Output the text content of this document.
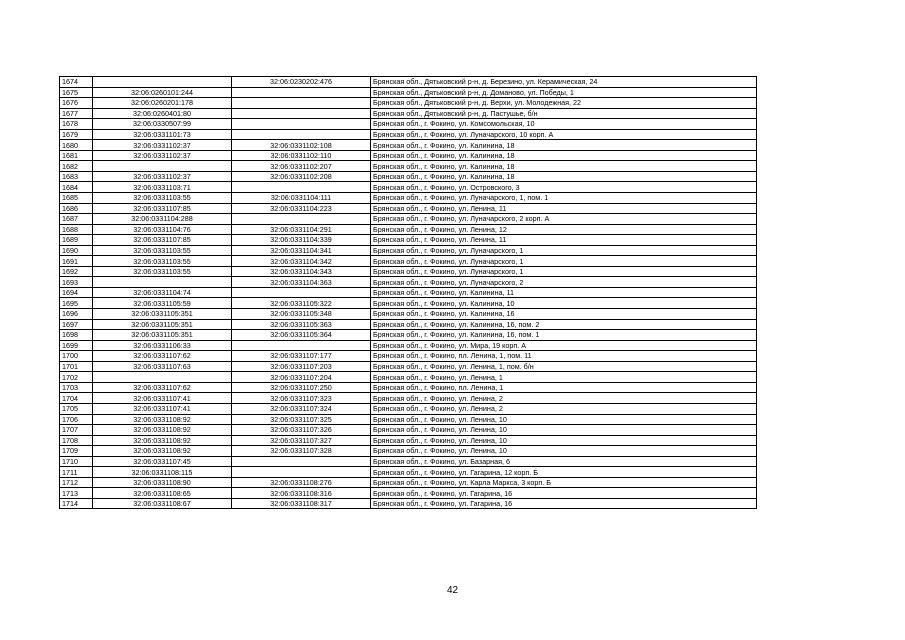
1674		32:06:0230202:476	Брянская обл., Дятьковский р-н, д. Березино, ул. Керамическая, 24
1675	32:06:0260101:244		Брянская обл., Дятьковский р-н, д. Доманово, ул. Победы, 1
1676	32:06:0260201:178		Брянская обл., Дятьковский р-н, д. Верхи, ул. Молодежная, 22
1677	32:06:0260401:80		Брянская обл., Дятьковский р-н, д. Пастушье, б/н
1678	32:06:0330507:99		Брянская обл., г. Фокино, ул. Комсомольская, 10
1679	32:06:0331101:73		Брянская обл., г. Фокино, ул. Луначарского, 10 корп. А
1680	32:06:0331102:37	32:06:0331102:108	Брянская обл., г. Фокино, ул. Калинина, 18
1681	32:06:0331102:37	32:06:0331102:110	Брянская обл., г. Фокино, ул. Калинина, 18
1682		32:06:0331102:207	Брянская обл., г. Фокино, ул. Калинина, 18
1683	32:06:0331102:37	32:06:0331102:208	Брянская обл., г. Фокино, ул. Калинина, 18
1684	32:06:0331103:71		Брянская обл., г. Фокино, ул. Островского, 3
1685	32:06:0331103:55	32:06:0331104:111	Брянская обл., г. Фокино, ул. Луначарского, 1, пом. 1
1686	32:06:0331107:85	32:06:0331104:223	Брянская обл., г. Фокино, ул. Ленина, 11
1687	32:06:0331104:288		Брянская обл., г. Фокино, ул. Луначарского, 2 корп. А
1688	32:06:0331104:76	32:06:0331104:291	Брянская обл., г. Фокино, ул. Ленина, 12
1689	32:06:0331107:85	32:06:0331104:339	Брянская обл., г. Фокино, ул. Ленина, 11
1690	32:06:0331103:55	32:06:0331104:341	Брянская обл., г. Фокино, ул. Луначарского, 1
1691	32:06:0331103:55	32:06:0331104:342	Брянская обл., г. Фокино, ул. Луначарского, 1
1692	32:06:0331103:55	32:06:0331104:343	Брянская обл., г. Фокино, ул. Луначарского, 1
1693		32:06:0331104:363	Брянская обл., г. Фокино, ул. Луначарского, 2
1694	32:06:0331104:74		Брянская обл., г. Фокино, ул. Калинина, 11
1695	32:06:0331105:59	32:06:0331105:322	Брянская обл., г. Фокино, ул. Калинина, 10
1696	32:06:0331105:351	32:06:0331105:348	Брянская обл., г. Фокино, ул. Калинина, 16
1697	32:06:0331105:351	32:06:0331105:363	Брянская обл., г. Фокино, ул. Калинина, 16, пом. 2
1698	32:06:0331105:351	32:06:0331105:364	Брянская обл., г. Фокино, ул. Калинина, 16, пом. 1
1699	32:06:0331106:33		Брянская обл., г. Фокино, ул. Мира, 19 корп. А
1700	32:06:0331107:62	32:06:0331107:177	Брянская обл., г. Фокино, пл. Ленина, 1, пом. 11
1701	32:06:0331107:63	32:06:0331107:203	Брянская обл., г. Фокино, ул. Ленина, 1, пом. б/н
1702		32:06:0331107:204	Брянская обл., г. Фокино, ул. Ленина, 1
1703	32:06:0331107:62	32:06:0331107:250	Брянская обл., г. Фокино, пл. Ленина, 1
1704	32:06:0331107:41	32:06:0331107:323	Брянская обл., г. Фокино, ул. Ленина, 2
1705	32:06:0331107:41	32:06:0331107:324	Брянская обл., г. Фокино, ул. Ленина, 2
1706	32:06:0331108:92	32:06:0331107:325	Брянская обл., г. Фокино, ул. Ленина, 10
1707	32:06:0331108:92	32:06:0331107:326	Брянская обл., г. Фокино, ул. Ленина, 10
1708	32:06:0331108:92	32:06:0331107:327	Брянская обл., г. Фокино, ул. Ленина, 10
1709	32:06:0331108:92	32:06:0331107:328	Брянская обл., г. Фокино, ул. Ленина, 10
1710	32:06:0331107:45		Брянская обл., г. Фокино, ул. Базарная, 6
1711	32:06:0331108:115		Брянская обл., г. Фокино, ул. Гагарина, 12 корп. Б
1712	32:06:0331108:90	32:06:0331108:276	Брянская обл., г. Фокино, ул. Карла Маркса, 3 корп. Б
1713	32:06:0331108:65	32:06:0331108:316	Брянская обл., г. Фокино, ул. Гагарина, 16
1714	32:06:0331108:67	32:06:0331108:317	Брянская обл., г. Фокино, ул. Гагарина, 16
42
